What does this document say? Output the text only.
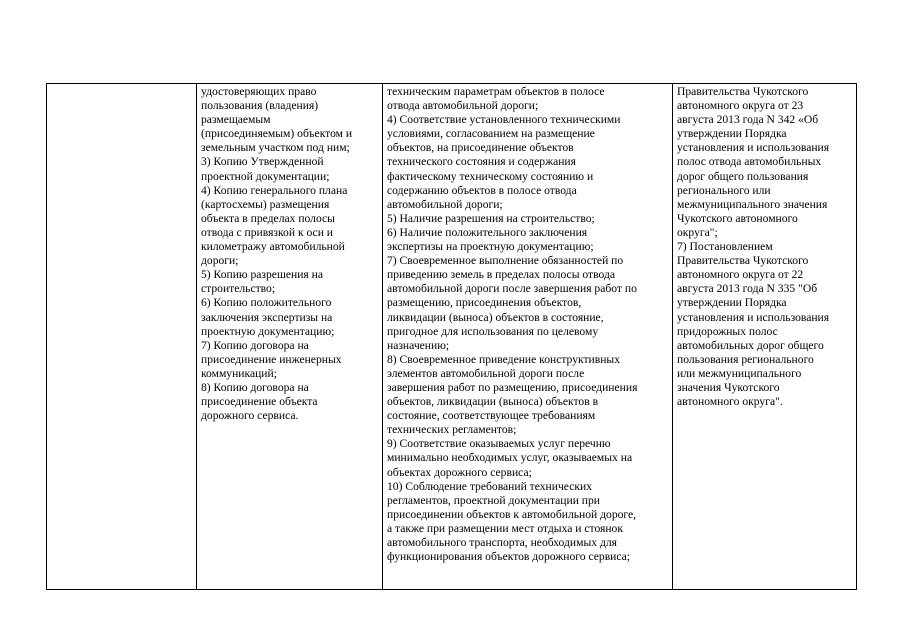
удостоверяющих право
пользования (владения)
размещаемым
(присоединяемым) объектом и
земельным участком под ним;
3) Копию Утвержденной
проектной документации;
4) Копию генерального плана
(картосхемы) размещения
объекта в пределах полосы
отвода с привязкой к оси и
километражу автомобильной
дороги;
5) Копию разрешения на
строительство;
6) Копию положительного
заключения экспертизы на
проектную документацию;
7) Копию договора на
присоединение инженерных
коммуникаций;
8) Копию договора на
присоединение объекта
дорожного сервиса.

техническим параметрам объектов в полосе
отвода автомобильной дороги;
4) Соответствие установленного техническими
условиями, согласованием на размещение
объектов, на присоединение объектов
технического состояния и содержания
фактическому техническому состоянию и
содержанию объектов в полосе отвода
автомобильной дороги;
5) Наличие разрешения на строительство;
6) Наличие положительного заключения
экспертизы на проектную документацию;
7) Своевременное выполнение обязанностей по
приведению земель в пределах полосы отвода
автомобильной дороги после завершения работ по
размещению, присоединения объектов,
ликвидации (выноса) объектов в состояние,
пригодное для использования по целевому
назначению;
8) Своевременное приведение конструктивных
элементов автомобильной дороги после
завершения работ по размещению, присоединения
объектов, ликвидации (выноса) объектов в
состояние, соответствующее требованиям
технических регламентов;
9) Соответствие оказываемых услуг перечню
минимально необходимых услуг, оказываемых на
объектах дорожного сервиса;
10) Соблюдение требований технических
регламентов, проектной документации при
присоединении объектов к автомобильной дороге,
а также при размещении мест отдыха и стоянок
автомобильного транспорта, необходимых для
функционирования объектов дорожного сервиса;

Правительства Чукотского
автономного округа от 23
августа 2013 года N 342 «Об
утверждении Порядка
установления и использования
полос отвода автомобильных
дорог общего пользования
регионального или
межмуниципального значения
Чукотского автономного
округа";
7) Постановлением
Правительства Чукотского
автономного округа от 22
августа 2013 года N 335 "Об
утверждении Порядка
установления и использования
придорожных полос
автомобильных дорог общего
пользования регионального
или межмуниципального
значения Чукотского
автономного округа".
